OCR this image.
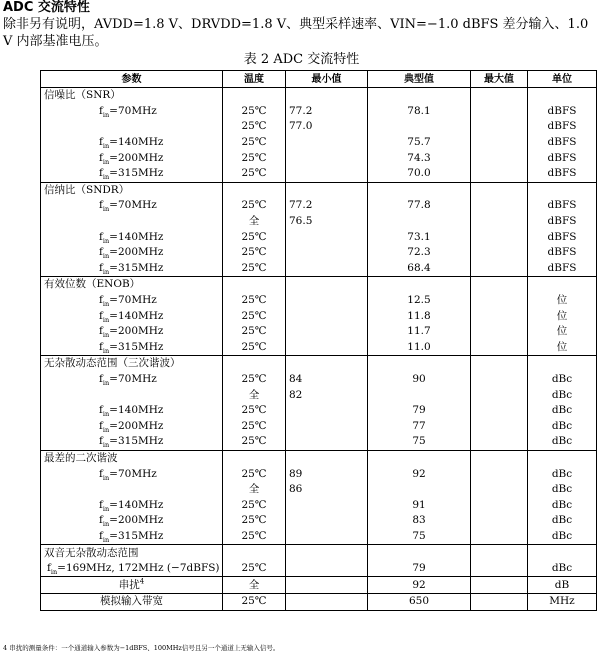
ADC 交流特性
除非另有说明，AVDD=1.8 V、DRVDD=1.8 V、典型采样速率、VIN=−1.0 dBFS 差分输入、1.0 V 内部基准电压。
表 2 ADC 交流特性
参数	温度	最小值	典型值	最大值	单位
信噪比（SNR）					
$f_{in}=70MHz$	25℃	77.2	78.1		dBFS
	25℃	77.0			dBFS
$f_{in}=140MHz$	25℃		75.7		dBFS
$f_{in}=200MHz$	25℃		74.3		dBFS
$f_{in}=315MHz$	25℃		70.0		dBFS
信纳比（SNDR）					
$f_{in}=70MHz$	25℃	77.2	77.8		dBFS
	全	76.5			dBFS
$f_{in}=140MHz$	25℃		73.1		dBFS
$f_{in}=200MHz$	25℃		72.3		dBFS
$f_{in}=315MHz$	25℃		68.4		dBFS
有效位数（ENOB）					
$f_{in}=70MHz$	25℃		12.5		位
$f_{in}=140MHz$	25℃		11.8		位
$f_{in}=200MHz$	25℃		11.7		位
$f_{in}=315MHz$	25℃		11.0		位
无杂散动态范围（三次谐波）					
$f_{in}=70MHz$	25℃	84	90		dBc
	全	82			dBc
$f_{in}=140MHz$	25℃		79		dBc
$f_{in}=200MHz$	25℃		77		dBc
$f_{in}=315MHz$	25℃		75		dBc
最差的二次谐波					
$f_{in}=70MHz$	25℃	89	92		dBc
	全	86			dBc
$f_{in}=140MHz$	25℃		91		dBc
$f_{in}=200MHz$	25℃		83		dBc
$f_{in}=315MHz$	25℃		75		dBc
双音无杂散动态范围					
$f_{in}=169MHz$, 172MHz (−7dBFS)	25℃		79		dBc
串扰$^4$	全		92		dB
模拟输入带宽	25℃		650		MHz
4 串扰的测量条件：一个通道输入参数为−1dBFS、100MHz信号且另一个通道上无输入信号。
